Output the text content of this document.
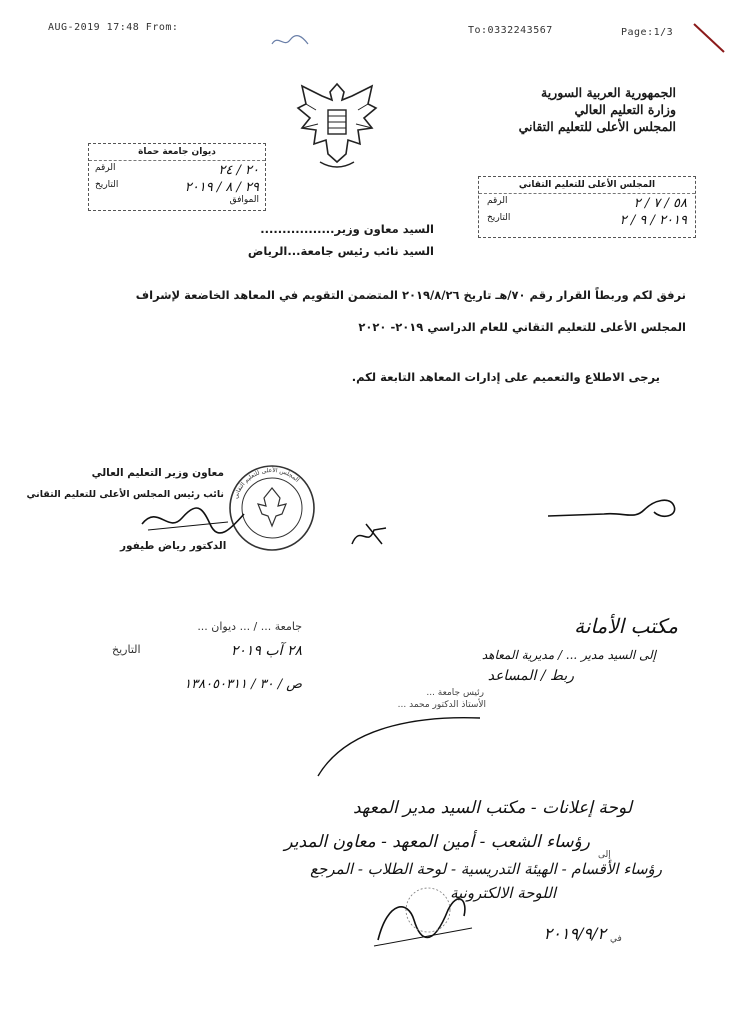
AUG-2019 17:48 From:	To:0332243567	Page:1/3
الجمهورية العربية السورية
وزارة التعليم العالي
المجلس الأعلى للتعليم التقاني
ديوان جامعة حماة
الرقم	٢٠ / ٢٤
التاريخ	٢٩ / ٨ / ٢٠١٩
الموافق
المجلس الأعلى للتعليم التقاني
الرقم	٥٨ / ٧ / ٢
التاريخ	٢٠١٩ / ٩ / ٢
السيد معاون وزير.................
السيد نائب رئيس جامعة...الرياض
نرفق لكم وربطاً القرار رقم ٧٠/هـ تاريخ ٢٠١٩/٨/٢٦ المتضمن التقويم في المعاهد الخاضعة لإشراف
المجلس الأعلى للتعليم التقاني للعام الدراسي ٢٠١٩- ٢٠٢٠
يرجى الاطلاع والتعميم على إدارات المعاهد التابعة لكم.
معاون وزير التعليم العالي
نائب رئيس المجلس الأعلى للتعليم التقاني
الدكتور رياض طيفور
المجلس الأعلى للتعليم التقاني
جامعة ... / ... ديوان ...
التاريخ	٢٨ آب ٢٠١٩
ص / ٣٠ / ١٣٨٠٥٠٣١١
مكتب الأمانة
إلى السيد مدير ... / مديرية المعاهد
ربط / المساعد
رئيس جامعة ...
الأستاذ الدكتور محمد ...
لوحة إعلانات - مكتب السيد مدير المعهد
إلى
رؤساء الشعب - أمين المعهد - معاون المدير
رؤساء الأقسام - الهيئة التدريسية - لوحة الطلاب - المرجع
اللوحة الالكترونية
٢٠١٩/٩/٢ في
